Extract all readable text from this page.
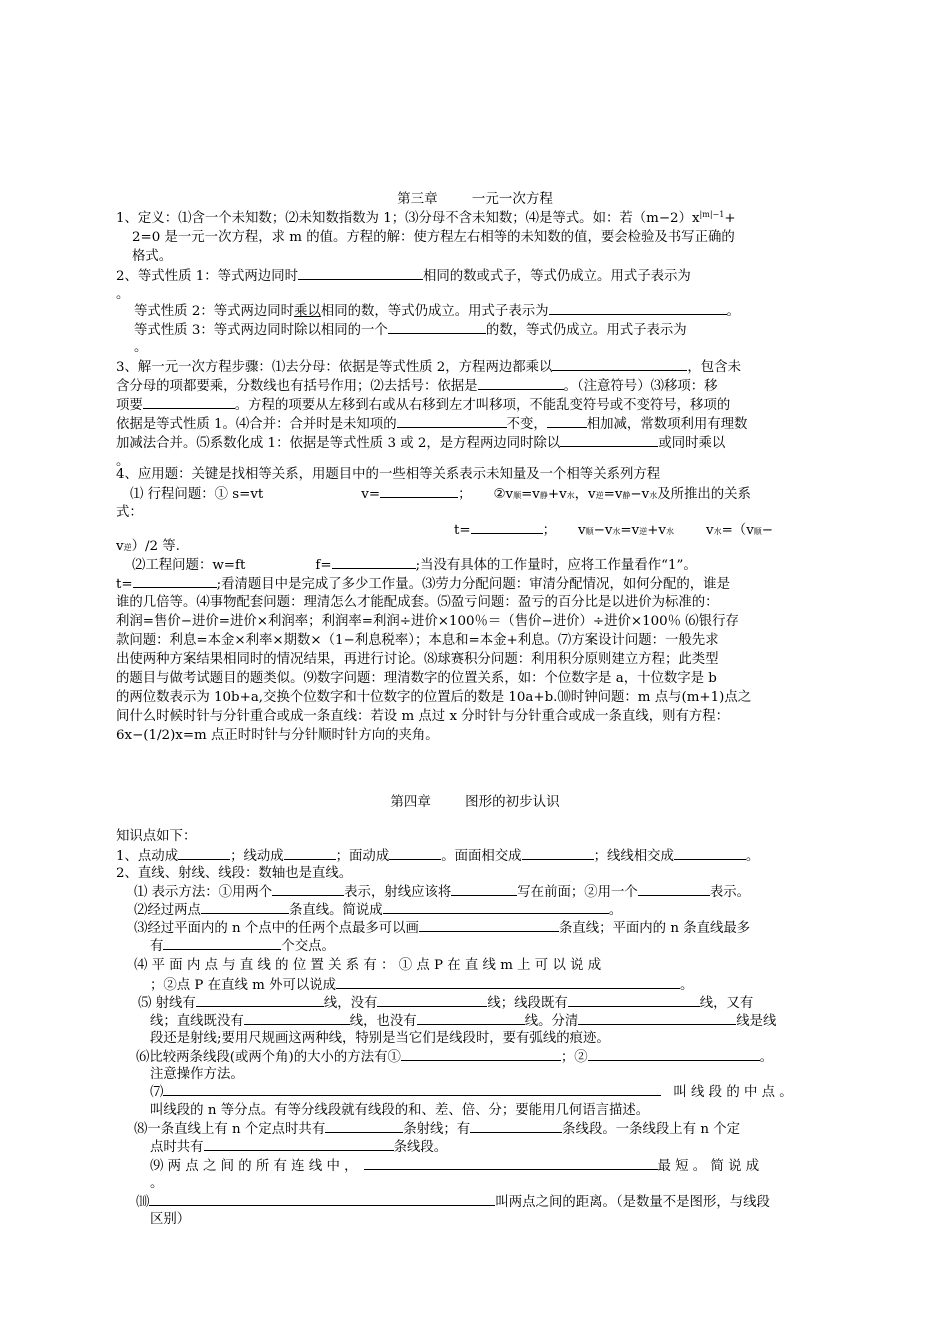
第三章        一元一次方程
1、定义：⑴含一个未知数；⑵未知数指数为 1；⑶分母不含未知数；⑷是等式。如：若$(m-2)x^{|m|-1}+$
2=0 是一元一次方程，求 m 的值。方程的解：使方程左右相等的未知数的值，要会检验及书写正确的
格式。
2、等式性质 1：等式两边同时	相同的数或式子，等式仍成立。用式子表示为
。
等式性质 2：等式两边同时乘以相同的数，等式仍成立。用式子表示为	。
等式性质 3：等式两边同时除以相同的一个	的数，等式仍成立。用式子表示为
。
3、解一元一次方程步骤：⑴去分母：依据是等式性质 2，方程两边都乘以	，包含未
含分母的项都要乘，分数线也有括号作用；⑵去括号：依据是	。（注意符号）⑶移项：移
项要	。方程的项要从左移到右或从右移到左才叫移项，不能乱变符号或不变符号，移项的
依据是等式性质 1。⑷合并：合并时是未知项的	不变，	相加减，常数项利用有理数
加减法合并。⑸系数化成 1：依据是等式性质 3 或 2，是方程两边同时除以	或同时乘以
。
4、应用题：关键是找相等关系，用题目中的一些相等关系表示未知量及一个相等关系列方程
⑴ 行程问题：① s=vt	v=	； ②v顺=v静+v水，v逆=v静−v水及所推出的关系
式：
t=	； v顺−v水=v逆+v水 v水=（v顺−
v逆）/2 等.
⑵工程问题：w=ft	f=	;当没有具体的工作量时，应将工作量看作“1”。
t=	;看清题目中是完成了多少工作量。⑶劳力分配问题：审清分配情况，如何分配的，谁是
谁的几倍等。⑷事物配套问题：理清怎么才能配成套。⑸盈亏问题：盈亏的百分比是以进价为标准的：
利润=售价−进价=进价×利润率；利润率=利润÷进价×100％＝（售价−进价）÷进价×100％ ⑹银行存
款问题：利息=本金×利率×期数×（1−利息税率）；本息和=本金+利息。⑺方案设计问题：一般先求
出使两种方案结果相同时的情况结果，再进行讨论。⑻球赛积分问题：利用积分原则建立方程；此类型
的题目与做考试题目的题类似。⑼数字问题：理清数字的位置关系，如：个位数字是 a，十位数字是 b
的两位数表示为 10b+a,交换个位数字和十位数字的位置后的数是 10a+b.⑽时钟问题：m 点与(m+1)点之
间什么时候时针与分针重合或成一条直线：若设 m 点过 x 分时针与分针重合或成一条直线，则有方程：
6x−(1/2)x=m 点正时时针与分针顺时针方向的夹角。
第四章        图形的初步认识
知识点如下：
1、点动成	；线动成	；面动成	。面面相交成	；线线相交成	。
2、直线、射线、线段：数轴也是直线。
⑴ 表示方法：①用两个	表示，射线应该将	写在前面；②用一个	表示。
⑵经过两点	条直线。简说成	。
⑶经过平面内的 n 个点中的任两个点最多可以画	条直线；平面内的 n 条直线最多
有	个交点。
⑷ 平 面 内 点 与 直 线 的 位 置 关 系 有 ： ① 点 P 在 直 线 m 上 可 以 说 成
；②点 P 在直线 m 外可以说成	。
⑸ 射线有	线，没有	线；线段既有	线，又有
线；直线既没有	线，也没有	线。分清	线是线
段还是射线;要用尺规画这两种线，特别是当它们是线段时，要有弧线的痕迹。
⑹比较两条线段(或两个角)的大小的方法有①	；②	。
注意操作方法。
⑺	叫 线 段 的 中 点 。
叫线段的 n 等分点。有等分线段就有线段的和、差、倍、分；要能用几何语言描述。
⑻一条直线上有 n 个定点时共有	条射线；有	条线段。一条线段上有 n 个定
点时共有	条线段。
⑼ 两 点 之 间 的 所 有 连 线 中 ，	最 短 。 简 说 成
。
⑽	叫两点之间的距离。（是数量不是图形，与线段
区别）
